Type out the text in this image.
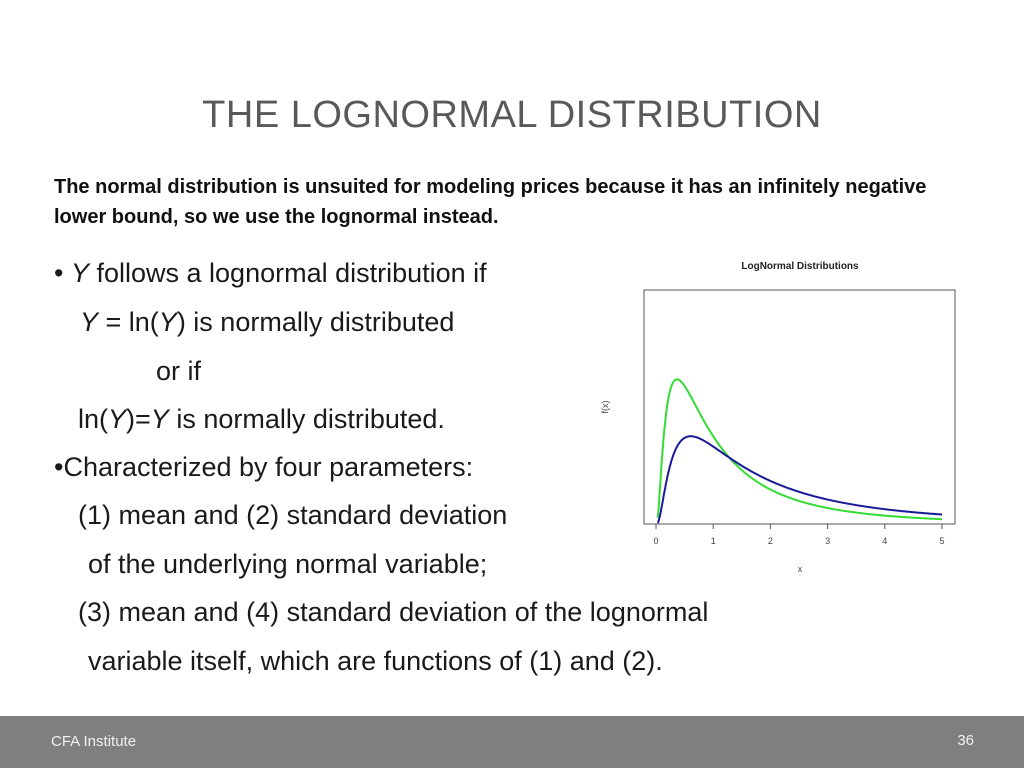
THE LOGNORMAL DISTRIBUTION
The normal distribution is unsuited for modeling prices because it has an infinitely negative lower bound, so we use the lognormal instead.
• Y follows a lognormal distribution if
Y = ln(Y) is normally distributed
or if
ln(Y)=Y is normally distributed.
•Characterized by four parameters:
(1) mean and (2) standard deviation
of the underlying normal variable;
(3) mean and (4) standard deviation of the lognormal
variable itself, which are functions of (1) and (2).
LogNormal Distributions
0	1	2	3	4	5
x
f(x)
CFA Institute	36
